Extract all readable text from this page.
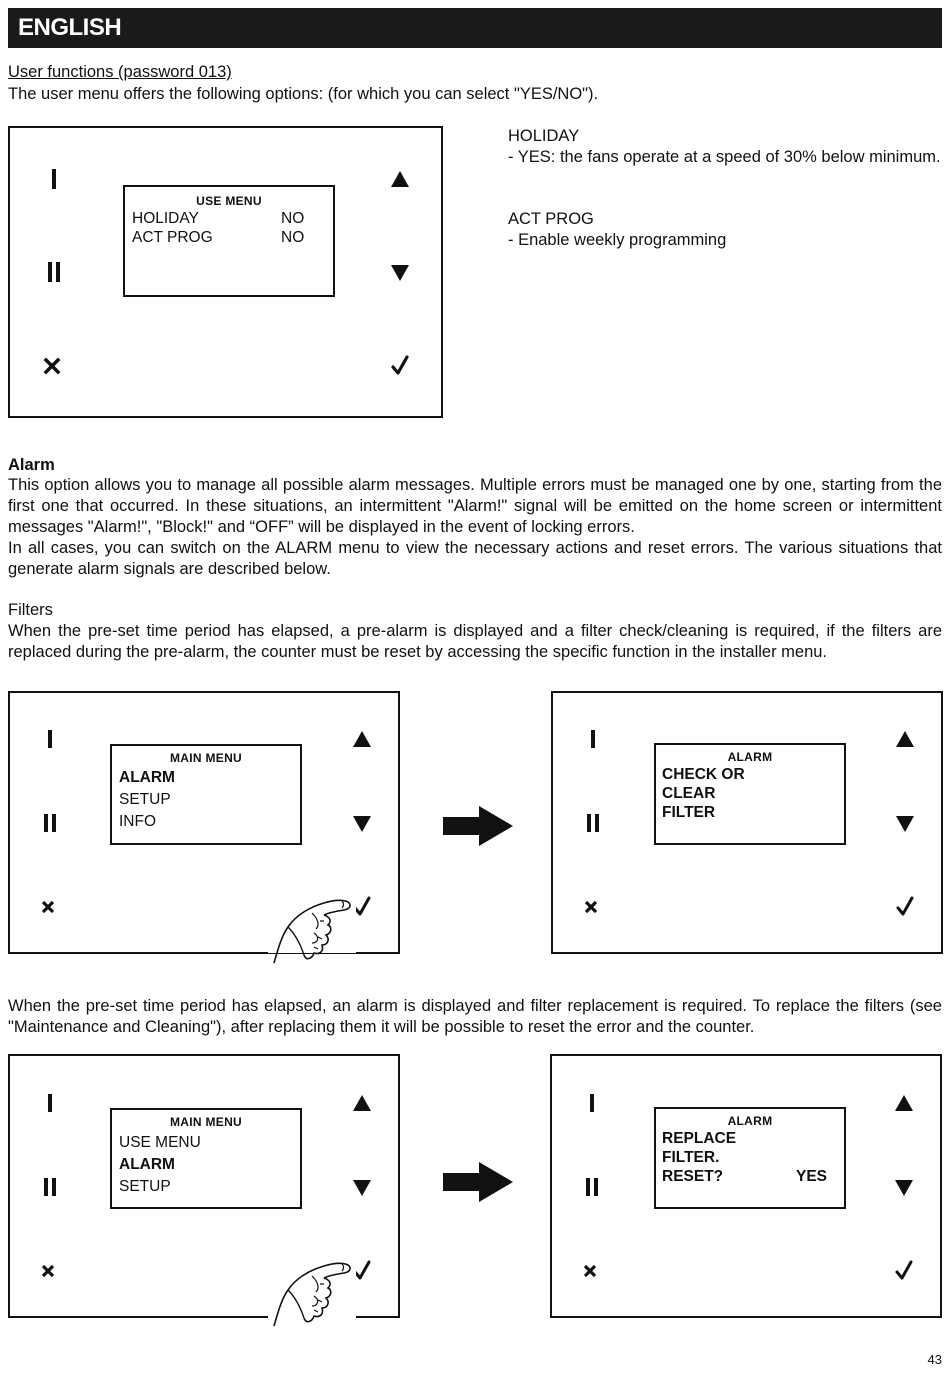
ENGLISH
User functions (password 013)
The user menu offers the following options: (for which you can select "YES/NO").
USE MENU
HOLIDAY	NO
ACT PROG	NO
HOLIDAY
- YES: the fans operate at a speed of 30% below minimum.
ACT PROG
- Enable weekly programming
Alarm
This option allows you to manage all possible alarm messages. Multiple errors must be managed one by one, starting from the first one that occurred. In these situations, an intermittent "Alarm!" signal will be emitted on the home screen or intermittent messages "Alarm!", "Block!" and “OFF” will be displayed in the event of locking errors.
In all cases, you can switch on the ALARM menu to view the necessary actions and reset errors. The various situations that generate alarm signals are described below.
Filters
When the pre-set time period has elapsed, a pre-alarm is displayed and a filter check/cleaning is required, if the filters are replaced during the pre-alarm, the counter must be reset by accessing the specific function in the installer menu.
MAIN MENU
ALARM
SETUP
INFO
ALARM
CHECK OR
CLEAR
FILTER
When the pre-set time period has elapsed, an alarm is displayed and filter replacement is required. To replace the filters (see "Maintenance and Cleaning"), after replacing them it will be possible to reset the error and the counter.
MAIN MENU
USE MENU
ALARM
SETUP
ALARM
REPLACE
FILTER.
RESET?	YES
43
